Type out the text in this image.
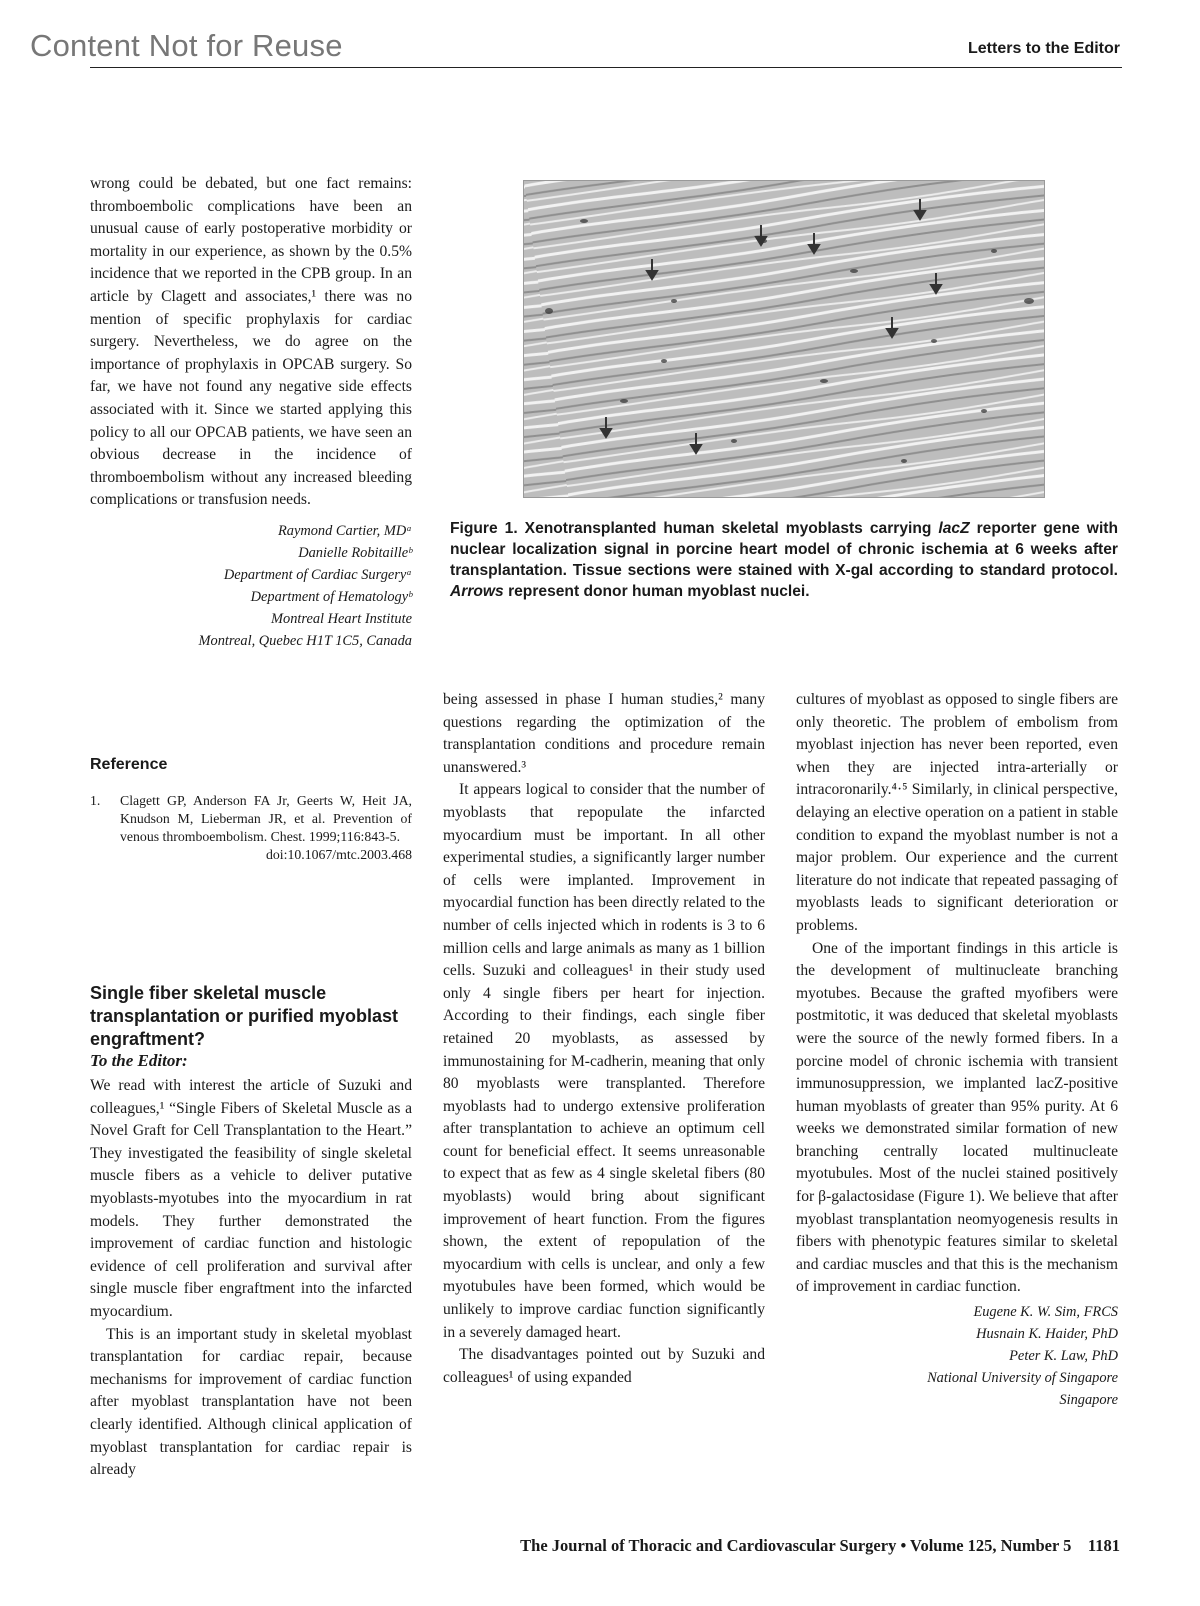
Content Not for Reuse	Letters to the Editor

wrong could be debated, but one fact remains: thromboembolic complications have been an unusual cause of early postoperative morbidity or mortality in our experience, as shown by the 0.5% incidence that we reported in the CPB group. In an article by Clagett and associates,¹ there was no mention of specific prophylaxis for cardiac surgery. Nevertheless, we do agree on the importance of prophylaxis in OPCAB surgery. So far, we have not found any negative side effects associated with it. Since we started applying this policy to all our OPCAB patients, we have seen an obvious decrease in the incidence of thromboembolism without any increased bleeding complications or transfusion needs.

Raymond Cartier, MDᵃ
Danielle Robitailleᵇ
Department of Cardiac Surgeryᵃ
Department of Hematologyᵇ
Montreal Heart Institute
Montreal, Quebec H1T 1C5, Canada
Reference
1.	Clagett GP, Anderson FA Jr, Geerts W, Heit JA, Knudson M, Lieberman JR, et al. Prevention of venous thromboembolism. Chest. 1999;116:843-5.
doi:10.1067/mtc.2003.468
Single fiber skeletal muscle transplantation or purified myoblast engraftment?
To the Editor:

We read with interest the article of Suzuki and colleagues,¹ “Single Fibers of Skeletal Muscle as a Novel Graft for Cell Transplantation to the Heart.” They investigated the feasibility of single skeletal muscle fibers as a vehicle to deliver putative myoblasts-myotubes into the myocardium in rat models. They further demonstrated the improvement of cardiac function and histologic evidence of cell proliferation and survival after single muscle fiber engraftment into the infarcted myocardium.

This is an important study in skeletal myoblast transplantation for cardiac repair, because mechanisms for improvement of cardiac function after myoblast transplantation have not been clearly identified. Although clinical application of myoblast transplantation for cardiac repair is already

Figure 1. Xenotransplanted human skeletal myoblasts carrying lacZ reporter gene with nuclear localization signal in porcine heart model of chronic ischemia at 6 weeks after transplantation. Tissue sections were stained with X-gal according to standard protocol. Arrows represent donor human myoblast nuclei.

being assessed in phase I human studies,² many questions regarding the optimization of the transplantation conditions and procedure remain unanswered.³

It appears logical to consider that the number of myoblasts that repopulate the infarcted myocardium must be important. In all other experimental studies, a significantly larger number of cells were implanted. Improvement in myocardial function has been directly related to the number of cells injected which in rodents is 3 to 6 million cells and large animals as many as 1 billion cells. Suzuki and colleagues¹ in their study used only 4 single fibers per heart for injection. According to their findings, each single fiber retained 20 myoblasts, as assessed by immunostaining for M-cadherin, meaning that only 80 myoblasts were transplanted. Therefore myoblasts had to undergo extensive proliferation after transplantation to achieve an optimum cell count for beneficial effect. It seems unreasonable to expect that as few as 4 single skeletal fibers (80 myoblasts) would bring about significant improvement of heart function. From the figures shown, the extent of repopulation of the myocardium with cells is unclear, and only a few myotubules have been formed, which would be unlikely to improve cardiac function significantly in a severely damaged heart.

The disadvantages pointed out by Suzuki and colleagues¹ of using expanded

cultures of myoblast as opposed to single fibers are only theoretic. The problem of embolism from myoblast injection has never been reported, even when they are injected intra-arterially or intracoronarily.⁴·⁵ Similarly, in clinical perspective, delaying an elective operation on a patient in stable condition to expand the myoblast number is not a major problem. Our experience and the current literature do not indicate that repeated passaging of myoblasts leads to significant deterioration or problems.

One of the important findings in this article is the development of multinucleate branching myotubes. Because the grafted myofibers were postmitotic, it was deduced that skeletal myoblasts were the source of the newly formed fibers. In a porcine model of chronic ischemia with transient immunosuppression, we implanted lacZ-positive human myoblasts of greater than 95% purity. At 6 weeks we demonstrated similar formation of new branching centrally located multinucleate myotubules. Most of the nuclei stained positively for β-galactosidase (Figure 1). We believe that after myoblast transplantation neomyogenesis results in fibers with phenotypic features similar to skeletal and cardiac muscles and that this is the mechanism of improvement in cardiac function.

Eugene K. W. Sim, FRCS
Husnain K. Haider, PhD
Peter K. Law, PhD
National University of Singapore
Singapore
The Journal of Thoracic and Cardiovascular Surgery • Volume 125, Number 5    1181
